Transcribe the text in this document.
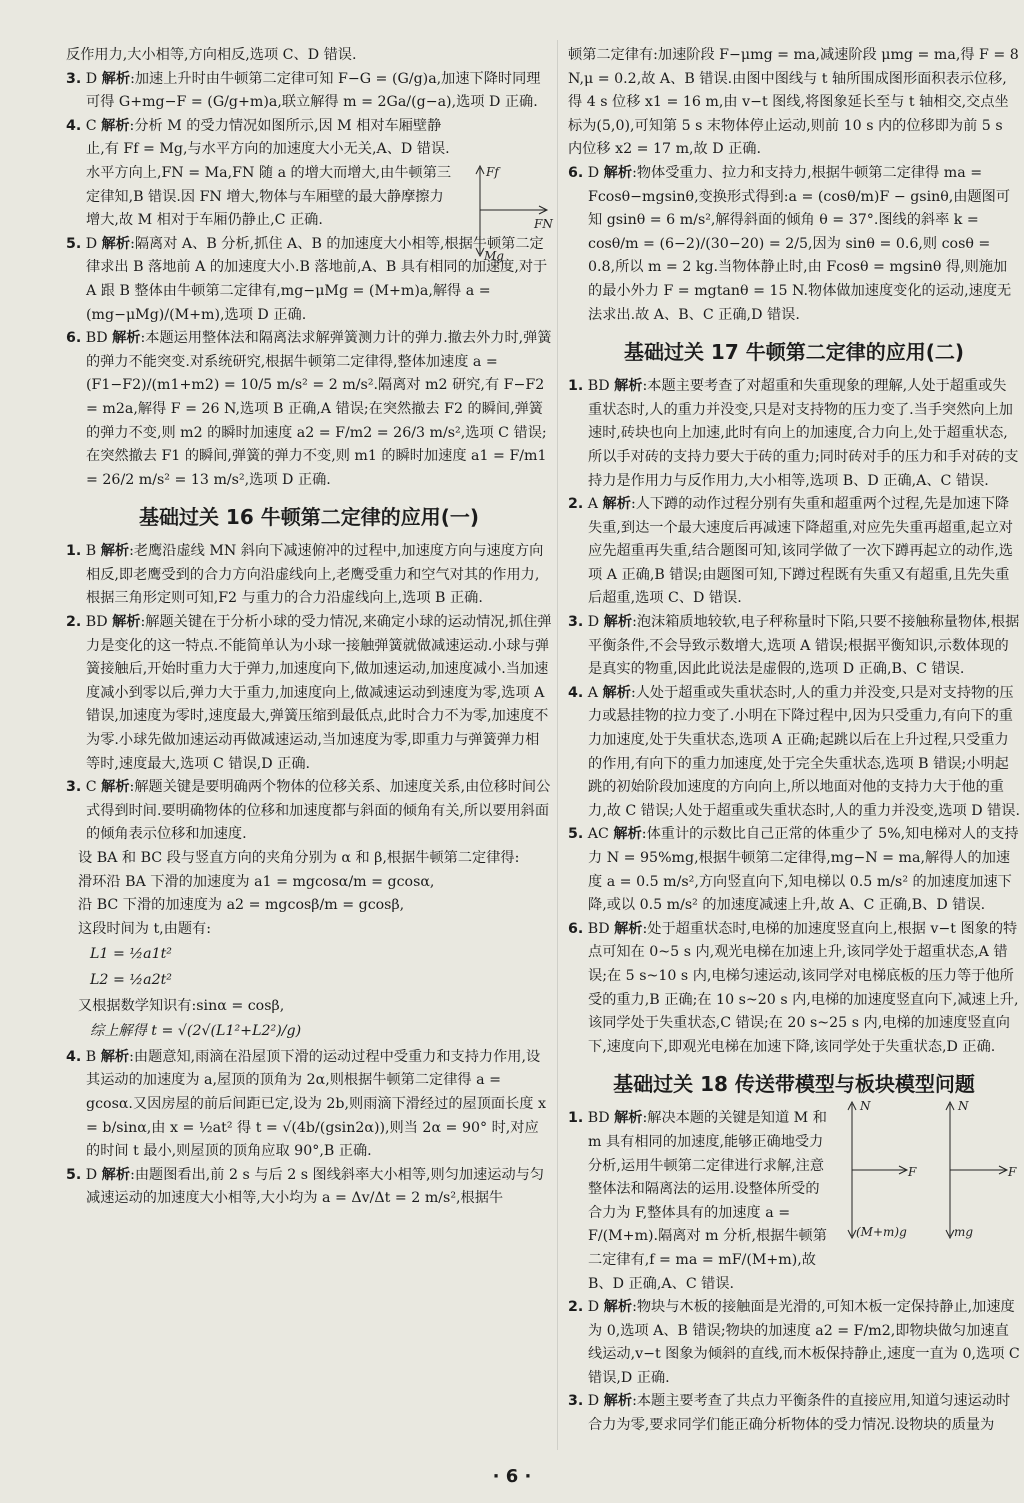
反作用力,大小相等,方向相反,选项 C、D 错误.

3. D 解析:加速上升时由牛顿第二定律可知 F−G = (G/g)a,加速下降时同理可得 G+mg−F = (G/g+m)a,联立解得 m = 2Ga/(g−a),选项 D 正确.

4. C 解析:分析 M 的受力情况如图所示,因 M 相对车厢壁静止,有 Ff = Mg,与水平方向的加速度大小无关,A、D 错误.水平方向上,FN = Ma,FN 随 a 的增大而增大,由牛顿第三定律知,B 错误.因 FN 增大,物体与车厢壁的最大静摩擦力增大,故 M 相对于车厢仍静止,C 正确.

5. D 解析:隔离对 A、B 分析,抓住 A、B 的加速度大小相等,根据牛顿第二定律求出 B 落地前 A 的加速度大小.B 落地前,A、B 具有相同的加速度,对于 A 跟 B 整体由牛顿第二定律有,mg−μMg = (M+m)a,解得 a = (mg−μMg)/(M+m),选项 D 正确.

6. BD 解析:本题运用整体法和隔离法求解弹簧测力计的弹力.撤去外力时,弹簧的弹力不能突变.对系统研究,根据牛顿第二定律得,整体加速度 a = (F1−F2)/(m1+m2) = 10/5 m/s² = 2 m/s².隔离对 m2 研究,有 F−F2 = m2a,解得 F = 26 N,选项 B 正确,A 错误;在突然撤去 F2 的瞬间,弹簧的弹力不变,则 m2 的瞬时加速度 a2 = F/m2 = 26/3 m/s²,选项 C 错误;在突然撤去 F1 的瞬间,弹簧的弹力不变,则 m1 的瞬时加速度 a1 = F/m1 = 26/2 m/s² = 13 m/s²,选项 D 正确.

基础过关 16 牛顿第二定律的应用(一)

1. B 解析:老鹰沿虚线 MN 斜向下减速俯冲的过程中,加速度方向与速度方向相反,即老鹰受到的合力方向沿虚线向上,老鹰受重力和空气对其的作用力,根据三角形定则可知,F2 与重力的合力沿虚线向上,选项 B 正确.

2. BD 解析:解题关键在于分析小球的受力情况,来确定小球的运动情况,抓住弹力是变化的这一特点.不能简单认为小球一接触弹簧就做减速运动.小球与弹簧接触后,开始时重力大于弹力,加速度向下,做加速运动,加速度减小.当加速度减小到零以后,弹力大于重力,加速度向上,做减速运动到速度为零,选项 A 错误,加速度为零时,速度最大,弹簧压缩到最低点,此时合力不为零,加速度不为零.小球先做加速运动再做减速运动,当加速度为零,即重力与弹簧弹力相等时,速度最大,选项 C 错误,D 正确.

3. C 解析:解题关键是要明确两个物体的位移关系、加速度关系,由位移时间公式得到时间.要明确物体的位移和加速度都与斜面的倾角有关,所以要用斜面的倾角表示位移和加速度.

设 BA 和 BC 段与竖直方向的夹角分别为 α 和 β,根据牛顿第二定律得:

滑环沿 BA 下滑的加速度为 a1 = mgcosα/m = gcosα,

沿 BC 下滑的加速度为 a2 = mgcosβ/m = gcosβ,

这段时间为 t,由题有:

L1 = ½a1t²

L2 = ½a2t²

又根据数学知识有:sinα = cosβ,

综上解得 t = √(2√(L1²+L2²)/g)

4. B 解析:由题意知,雨滴在沿屋顶下滑的运动过程中受重力和支持力作用,设其运动的加速度为 a,屋顶的顶角为 2α,则根据牛顿第二定律得 a = gcosα.又因房屋的前后间距已定,设为 2b,则雨滴下滑经过的屋顶面长度 x = b/sinα,由 x = ½at² 得 t = √(4b/(gsin2α)),则当 2α = 90° 时,对应的时间 t 最小,则屋顶的顶角应取 90°,B 正确.

5. D 解析:由题图看出,前 2 s 与后 2 s 图线斜率大小相等,则匀加速运动与匀减速运动的加速度大小相等,大小均为 a = Δv/Δt = 2 m/s²,根据牛

顿第二定律有:加速阶段 F−μmg = ma,减速阶段 μmg = ma,得 F = 8 N,μ = 0.2,故 A、B 错误.由图中图线与 t 轴所围成图形面积表示位移,得 4 s 位移 x1 = 16 m,由 v−t 图线,将图象延长至与 t 轴相交,交点坐标为(5,0),可知第 5 s 末物体停止运动,则前 10 s 内的位移即为前 5 s 内位移 x2 = 17 m,故 D 正确.

6. D 解析:物体受重力、拉力和支持力,根据牛顿第二定律得 ma = Fcosθ−mgsinθ,变换形式得到:a = (cosθ/m)F − gsinθ,由题图可知 gsinθ = 6 m/s²,解得斜面的倾角 θ = 37°.图线的斜率 k = cosθ/m = (6−2)/(30−20) = 2/5,因为 sinθ = 0.6,则 cosθ = 0.8,所以 m = 2 kg.当物体静止时,由 Fcosθ = mgsinθ 得,则施加的最小外力 F = mgtanθ = 15 N.物体做加速度变化的运动,速度无法求出.故 A、B、C 正确,D 错误.

基础过关 17 牛顿第二定律的应用(二)

1. BD 解析:本题主要考查了对超重和失重现象的理解,人处于超重或失重状态时,人的重力并没变,只是对支持物的压力变了.当手突然向上加速时,砖块也向上加速,此时有向上的加速度,合力向上,处于超重状态,所以手对砖的支持力要大于砖的重力;同时砖对手的压力和手对砖的支持力是作用力与反作用力,大小相等,选项 B、D 正确,A、C 错误.

2. A 解析:人下蹲的动作过程分别有失重和超重两个过程,先是加速下降失重,到达一个最大速度后再减速下降超重,对应先失重再超重,起立对应先超重再失重,结合题图可知,该同学做了一次下蹲再起立的动作,选项 A 正确,B 错误;由题图可知,下蹲过程既有失重又有超重,且先失重后超重,选项 C、D 错误.

3. D 解析:泡沫箱质地较软,电子秤称量时下陷,只要不接触称量物体,根据平衡条件,不会导致示数增大,选项 A 错误;根据平衡知识,示数体现的是真实的物重,因此此说法是虚假的,选项 D 正确,B、C 错误.

4. A 解析:人处于超重或失重状态时,人的重力并没变,只是对支持物的压力或悬挂物的拉力变了.小明在下降过程中,因为只受重力,有向下的重力加速度,处于失重状态,选项 A 正确;起跳以后在上升过程,只受重力的作用,有向下的重力加速度,处于完全失重状态,选项 B 错误;小明起跳的初始阶段加速度的方向向上,所以地面对他的支持力大于他的重力,故 C 错误;人处于超重或失重状态时,人的重力并没变,选项 D 错误.

5. AC 解析:体重计的示数比自己正常的体重少了 5%,知电梯对人的支持力 N = 95%mg,根据牛顿第二定律得,mg−N = ma,解得人的加速度 a = 0.5 m/s²,方向竖直向下,知电梯以 0.5 m/s² 的加速度加速下降,或以 0.5 m/s² 的加速度减速上升,故 A、C 正确,B、D 错误.

6. BD 解析:处于超重状态时,电梯的加速度竖直向上,根据 v−t 图象的特点可知在 0~5 s 内,观光电梯在加速上升,该同学处于超重状态,A 错误;在 5 s~10 s 内,电梯匀速运动,该同学对电梯底板的压力等于他所受的重力,B 正确;在 10 s~20 s 内,电梯的加速度竖直向下,减速上升,该同学处于失重状态,C 错误;在 20 s~25 s 内,电梯的加速度竖直向下,速度向下,即观光电梯在加速下降,该同学处于失重状态,D 正确.

基础过关 18 传送带模型与板块模型问题

1. BD 解析:解决本题的关键是知道 M 和 m 具有相同的加速度,能够正确地受力分析,运用牛顿第二定律进行求解,注意整体法和隔离法的运用.设整体所受的合力为 F,整体具有的加速度 a = F/(M+m).隔离对 m 分析,根据牛顿第二定律有,f = ma = mF/(M+m),故 B、D 正确,A、C 错误.

2. D 解析:物块与木板的接触面是光滑的,可知木板一定保持静止,加速度为 0,选项 A、B 错误;物块的加速度 a2 = F/m2,即物块做匀加速直线运动,v−t 图象为倾斜的直线,而木板保持静止,速度一直为 0,选项 C 错误,D 正确.

3. D 解析:本题主要考查了共点力平衡条件的直接应用,知道匀速运动时合力为零,要求同学们能正确分析物体的受力情况.设物块的质量为

Ff
FN
Mg
N
F
(M+m)g
N
F
mg
· 6 ·
